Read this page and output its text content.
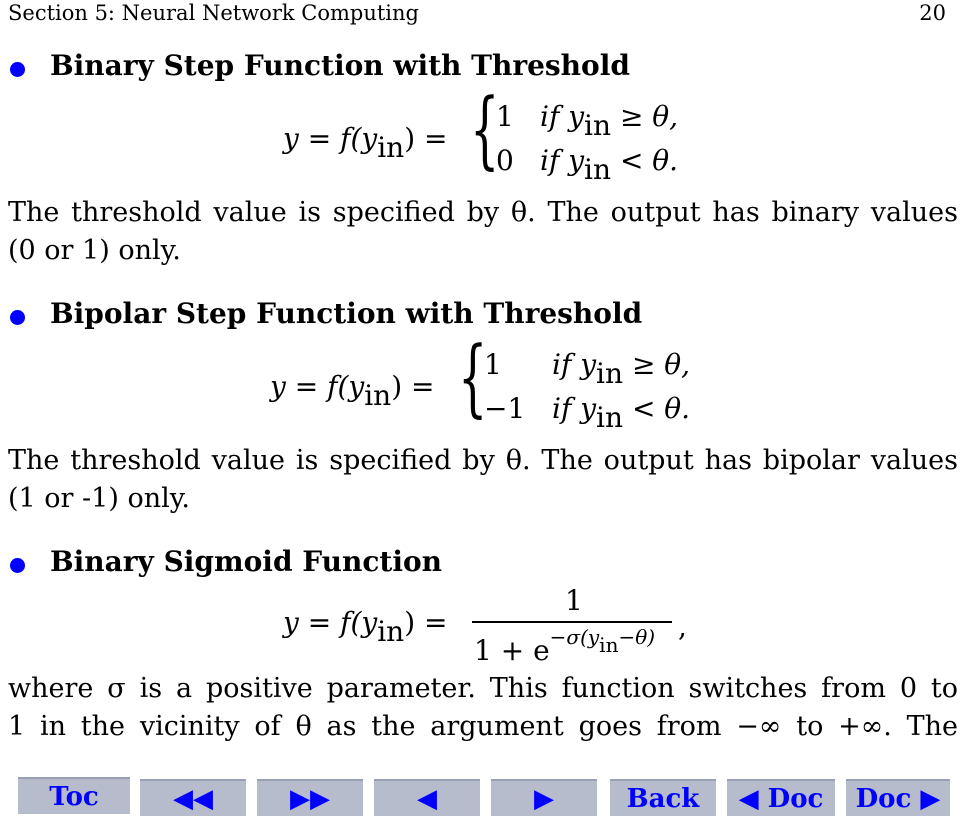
Section 5: Neural Network Computing	20
Binary Step Function with Threshold
y = f(yin) = {
1 if yin ≥ θ,
0 if yin < θ.
The threshold value is specified by θ. The output has binary values
(0 or 1) only.
Bipolar Step Function with Threshold
y = f(yin) = {
1 if yin ≥ θ,
−1 if yin < θ.
The threshold value is specified by θ. The output has bipolar values
(1 or -1) only.
Binary Sigmoid Function
y = f(yin) =
1
$1 + e^{-\sigma(yin-\theta)}$ ,
where σ is a positive parameter. This function switches from 0 to
1 in the vicinity of θ as the argument goes from −∞ to +∞. The
Toc	◀◀	▶▶	◀	▶	Back	◀ Doc	Doc ▶
